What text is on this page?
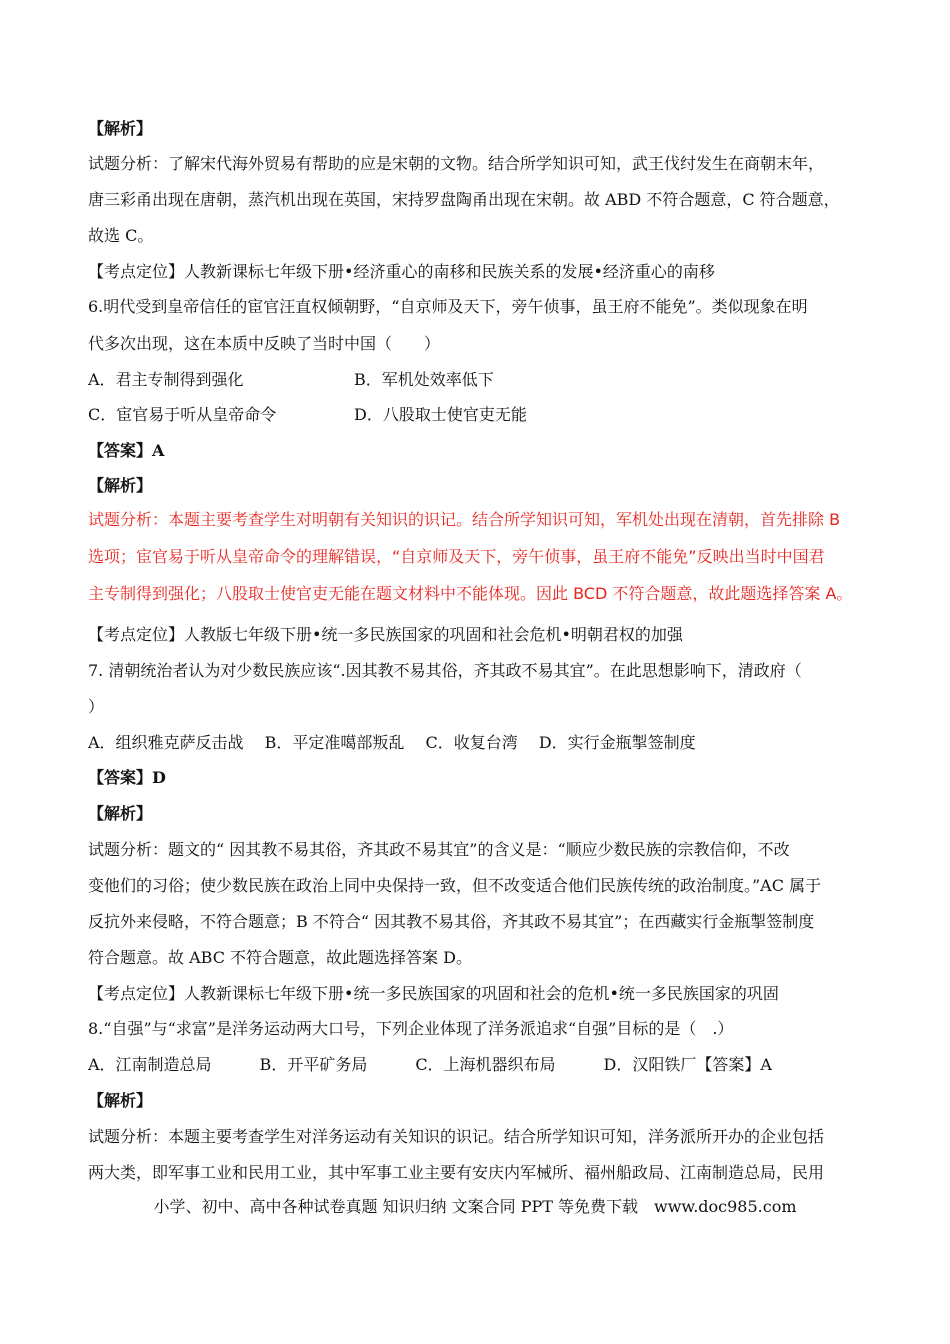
【解析】
试题分析：了解宋代海外贸易有帮助的应是宋朝的文物。结合所学知识可知，武王伐纣发生在商朝末年，
唐三彩甬出现在唐朝，蒸汽机出现在英国，宋持罗盘陶甬出现在宋朝。故 ABD 不符合题意，C 符合题意，
故选 C。
【考点定位】人教新课标七年级下册•经济重心的南移和民族关系的发展•经济重心的南移
6.明代受到皇帝信任的宦官汪直权倾朝野，“自京师及天下，旁午侦事，虽王府不能免”。类似现象在明
代多次出现，这在本质中反映了当时中国（　　）
A．君主专制得到强化	B．军机处效率低下
C．宦官易于听从皇帝命令	D．八股取士使官吏无能
【答案】A
【解析】
试题分析：本题主要考查学生对明朝有关知识的识记。结合所学知识可知，军机处出现在清朝，首先排除 B
选项；宦官易于听从皇帝命令的理解错误，“自京师及天下，旁午侦事，虽王府不能免”反映出当时中国君
主专制得到强化；八股取士使官吏无能在题文材料中不能体现。因此 BCD 不符合题意，故此题选择答案 A。
【考点定位】人教版七年级下册•统一多民族国家的巩固和社会危机•明朝君权的加强
7. 清朝统治者认为对少数民族应该“.因其教不易其俗，齐其政不易其宜”。在此思想影响下，清政府（
）
A．组织雅克萨反击战　 B．平定准噶部叛乱　 C．收复台湾　 D．实行金瓶掣签制度
【答案】D
【解析】
试题分析：题文的“ 因其教不易其俗，齐其政不易其宜”的含义是：“顺应少数民族的宗教信仰，不改
变他们的习俗；使少数民族在政治上同中央保持一致，但不改变适合他们民族传统的政治制度。”AC 属于
反抗外来侵略，不符合题意；B 不符合“ 因其教不易其俗，齐其政不易其宜”；在西藏实行金瓶掣签制度
符合题意。故 ABC 不符合题意，故此题选择答案 D。
【考点定位】人教新课标七年级下册•统一多民族国家的巩固和社会的危机•统一多民族国家的巩固
8.“自强”与“求富”是洋务运动两大口号，下列企业体现了洋务派追求“自强”目标的是（　.）
A．江南制造总局　　　B．开平矿务局　　　C．上海机器织布局　　　D．汉阳铁厂【答案】A
【解析】
试题分析：本题主要考查学生对洋务运动有关知识的识记。结合所学知识可知，洋务派所开办的企业包括
两大类，即军事工业和民用工业，其中军事工业主要有安庆内军械所、福州船政局、江南制造总局，民用
小学、初中、高中各种试卷真题 知识归纳 文案合同 PPT 等免费下载　www.doc985.com
